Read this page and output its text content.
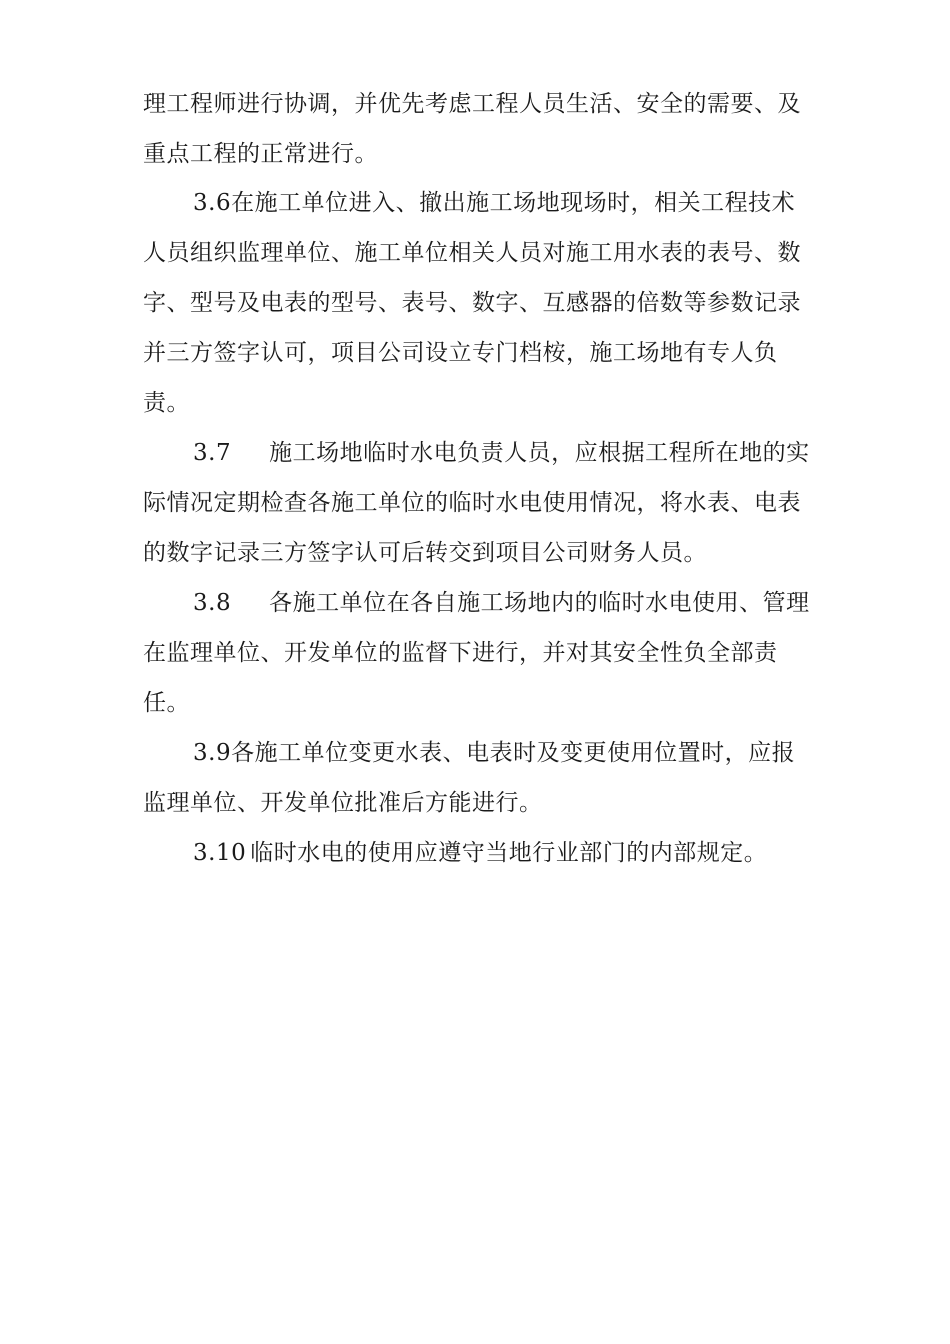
理工程师进行协调，并优先考虑工程人员生活、安全的需要、及
重点工程的正常进行。
3.6在施工单位进入、撤出施工场地现场时，相关工程技术
人员组织监理单位、施工单位相关人员对施工用水表的表号、数
字、型号及电表的型号、表号、数字、互感器的倍数等参数记录
并三方签字认可，项目公司设立专门档桉，施工场地有专人负
责。
3.7 施工场地临时水电负责人员，应根据工程所在地的实
际情况定期检查各施工单位的临时水电使用情况，将水表、电表
的数字记录三方签字认可后转交到项目公司财务人员。
3.8 各施工单位在各自施工场地内的临时水电使用、管理
在监理单位、开发单位的监督下进行，并对其安全性负全部责
任。
3.9各施工单位变更水表、电表时及变更使用位置时，应报
监理单位、开发单位批准后方能进行。
3.10 临时水电的使用应遵守当地行业部门的内部规定。
